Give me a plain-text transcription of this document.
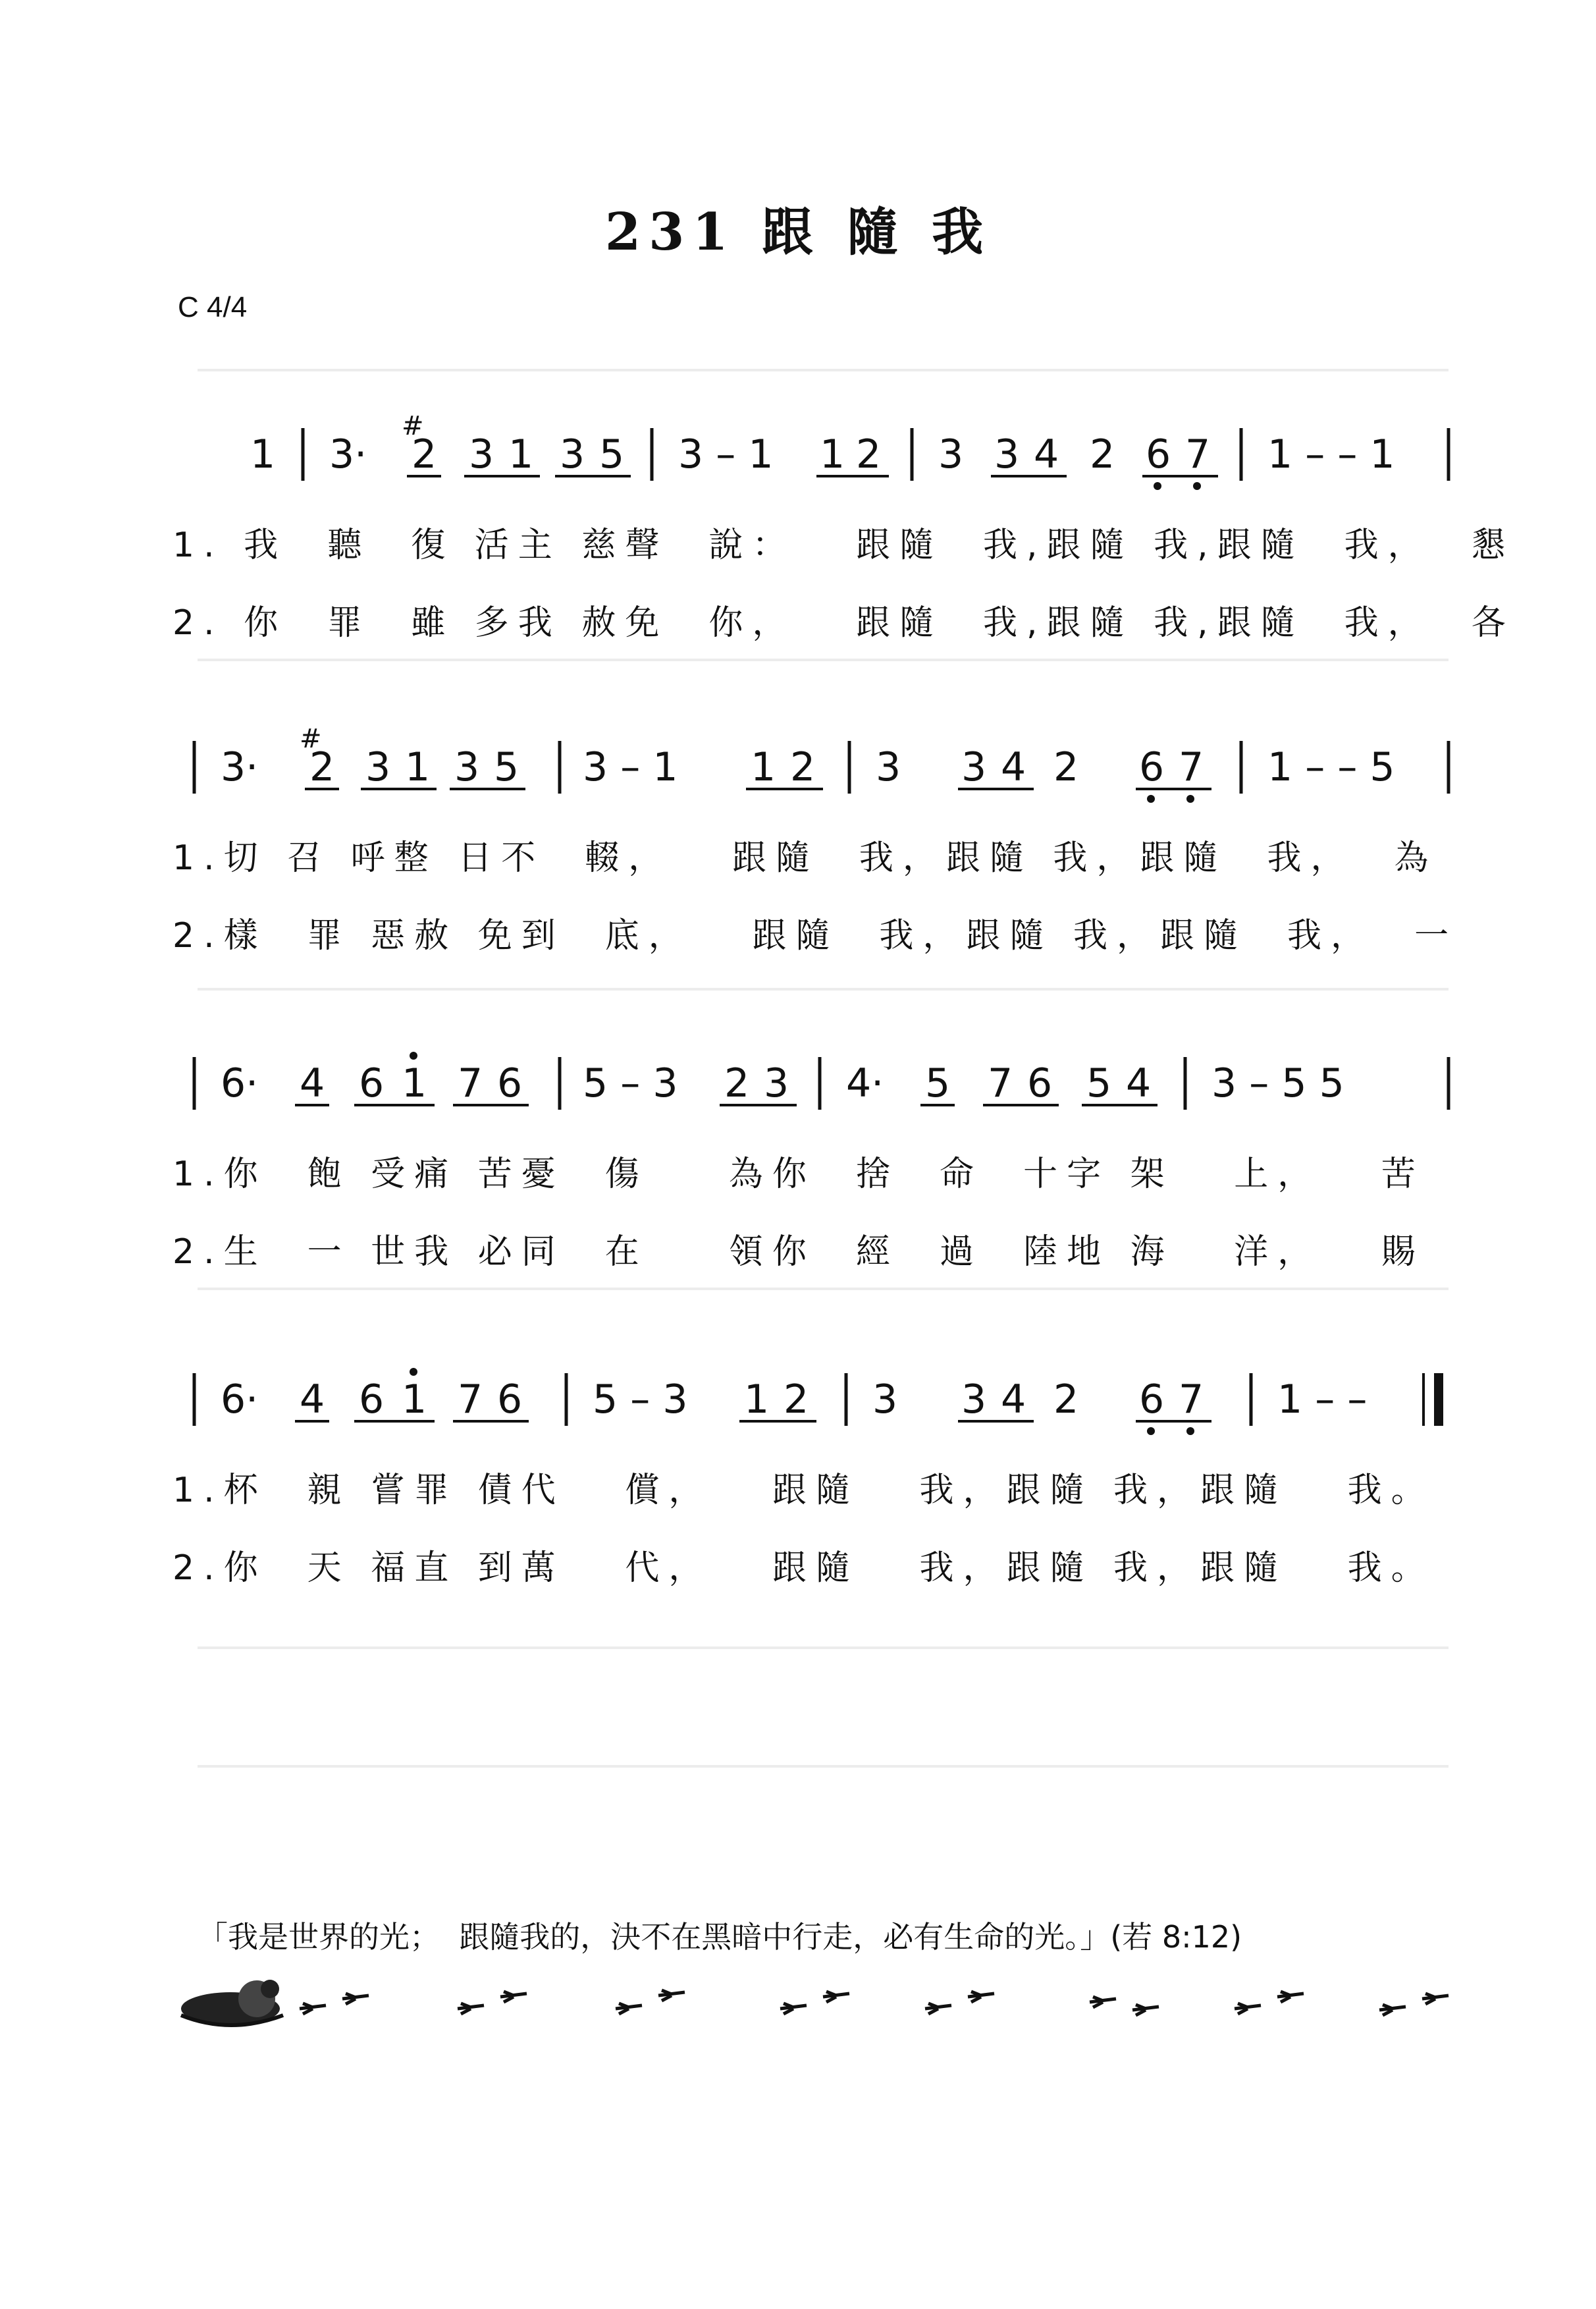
231 跟 隨 我
C 4/4
1 3·
#
2 3 1 3 5 3 – 1 1 2 3 3 4 2 6 7 1 – – 1
1. 我  聽  復 活主 慈聲  說：   跟隨  我,跟隨 我,跟隨  我，  懇
2. 你  罪  雖 多我 赦免  你，   跟隨  我,跟隨 我,跟隨  我，  各
3·
#
2 3 1 3 5 3 – 1 1 2 3 3 4 2 6 7 1 – – 5
1.切 召 呼整 日不  輟，   跟隨  我，跟隨 我，跟隨  我，  為
2.樣  罪 惡赦 免到  底，   跟隨  我，跟隨 我，跟隨  我，  一
6· 4 6 1 7 6 5 – 3 2 3 4· 5 7 6 5 4 3 – 5 5
1.你  飽 受痛 苦憂  傷    為你  捨  命  十字 架   上，   苦
2.生  一 世我 必同  在    領你  經  過  陸地 海   洋，   賜
6· 4 6 1 7 6 5 – 3 1 2 3 3 4 2 6 7 1 – –
1.杯  親 嘗罪 債代   償，   跟隨   我，跟隨 我，跟隨   我。
2.你  天 福直 到萬   代，   跟隨   我，跟隨 我，跟隨   我。
「我是世界的光；  跟隨我的，決不在黑暗中行走，必有生命的光。」(若 8:12)
